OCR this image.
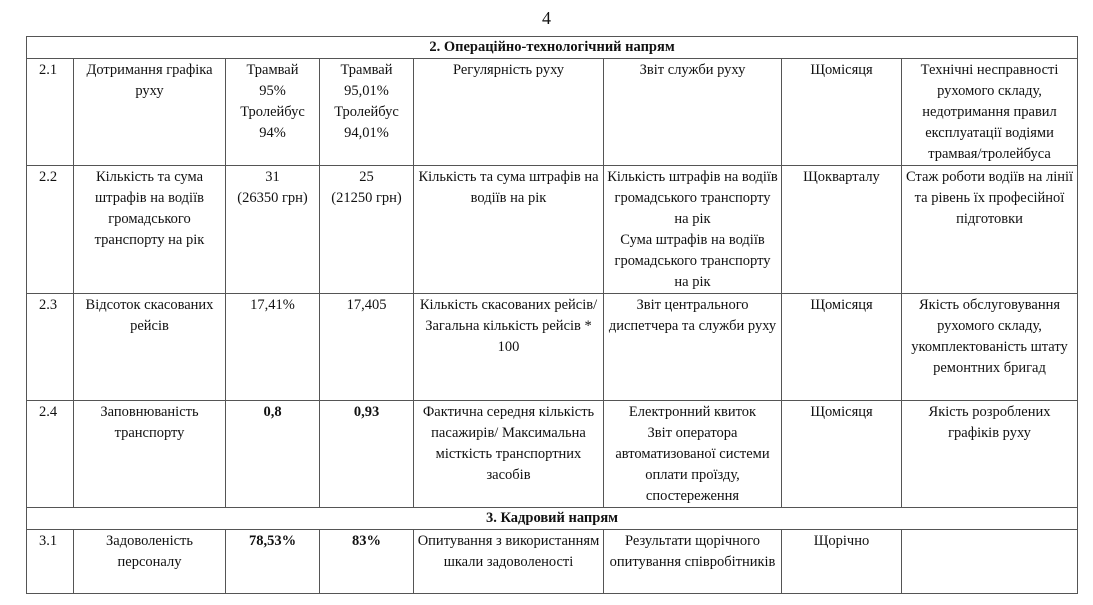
4
2. Операційно-технологічний напрям							
2.1	Дотримання графіка руху	Трамвай
95%
Тролейбус
94%	Трамвай
95,01%
Тролейбус
94,01%	Регулярність руху	Звіт служби руху	Щомісяця	Технічні несправності рухомого складу, недотримання правил експлуатації водіями трамвая/тролейбуса
2.2	Кількість та сума штрафів на водіїв громадського транспорту на рік	31
(26350 грн)	25
(21250 грн)	Кількість та сума штрафів на водіїв на рік	Кількість штрафів на водіїв громадського транспорту на рік
Сума штрафів на водіїв громадського транспорту на рік	Щокварталу	Стаж роботи водіїв на лінії та рівень їх професійної підготовки
2.3	Відсоток скасованих рейсів	17,41%	17,405	Кількість скасованих рейсів/ Загальна кількість рейсів * 100	Звіт центрального диспетчера та служби руху	Щомісяця	Якість обслуговування рухомого складу, укомплектованість штату ремонтних бригад
2.4	Заповнюваність транспорту	0,8	0,93	Фактична середня кількість пасажирів/ Максимальна місткість транспортних засобів	Електронний квиток
Звіт оператора автоматизованої системи оплати проїзду, спостереження	Щомісяця	Якість розроблених графіків руху
3. Кадровий напрям							
3.1	Задоволеність персоналу	78,53%	83%	Опитування з використанням шкали задоволеності	Результати щорічного опитування співробітників	Щорічно	
